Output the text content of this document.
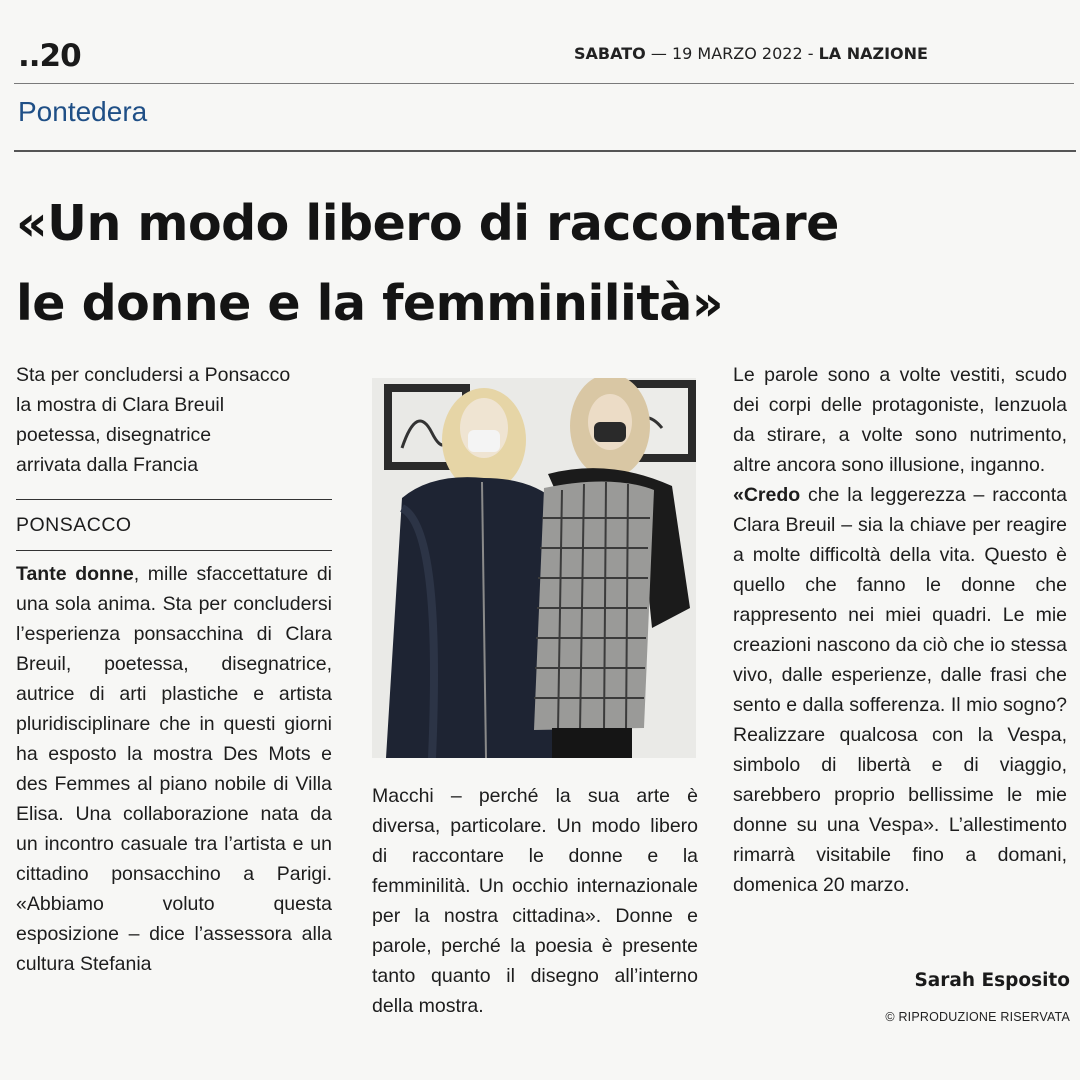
..20	SABATO — 19 MARZO 2022 - LA NAZIONE
Pontedera
«Un modo libero di raccontare
le donne e la femminilità»

Sta per concludersi a Ponsacco
la mostra di Clara Breuil
poetessa, disegnatrice
arrivata dalla Francia

PONSACCO

Tante donne, mille sfaccettature di una sola anima. Sta per concludersi l’esperienza ponsacchina di Clara Breuil, poetessa, disegnatrice, autrice di arti plastiche e artista pluridisciplinare che in questi giorni ha esposto la mostra Des Mots e des Femmes al piano nobile di Villa Elisa. Una collaborazione nata da un incontro casuale tra l’artista e un cittadino ponsacchino a Parigi. «Abbiamo voluto questa esposizione – dice l’assessora alla cultura Stefania

Macchi – perché la sua arte è diversa, particolare. Un modo libero di raccontare le donne e la femminilità. Un occhio internazionale per la nostra cittadina». Donne e parole, perché la poesia è presente tanto quanto il disegno all’interno della mostra.

Le parole sono a volte vestiti, scudo dei corpi delle protagoniste, lenzuola da stirare, a volte sono nutrimento, altre ancora sono illusione, inganno.

«Credo che la leggerezza – racconta Clara Breuil – sia la chiave per reagire a molte difficoltà della vita. Questo è quello che fanno le donne che rappresento nei miei quadri. Le mie creazioni nascono da ciò che io stessa vivo, dalle esperienze, dalle frasi che sento e dalla sofferenza. Il mio sogno? Realizzare qualcosa con la Vespa, simbolo di libertà e di viaggio, sarebbero proprio bellissime le mie donne su una Vespa». L’allestimento rimarrà visitabile fino a domani, domenica 20 marzo.

Sarah Esposito
© RIPRODUZIONE RISERVATA
